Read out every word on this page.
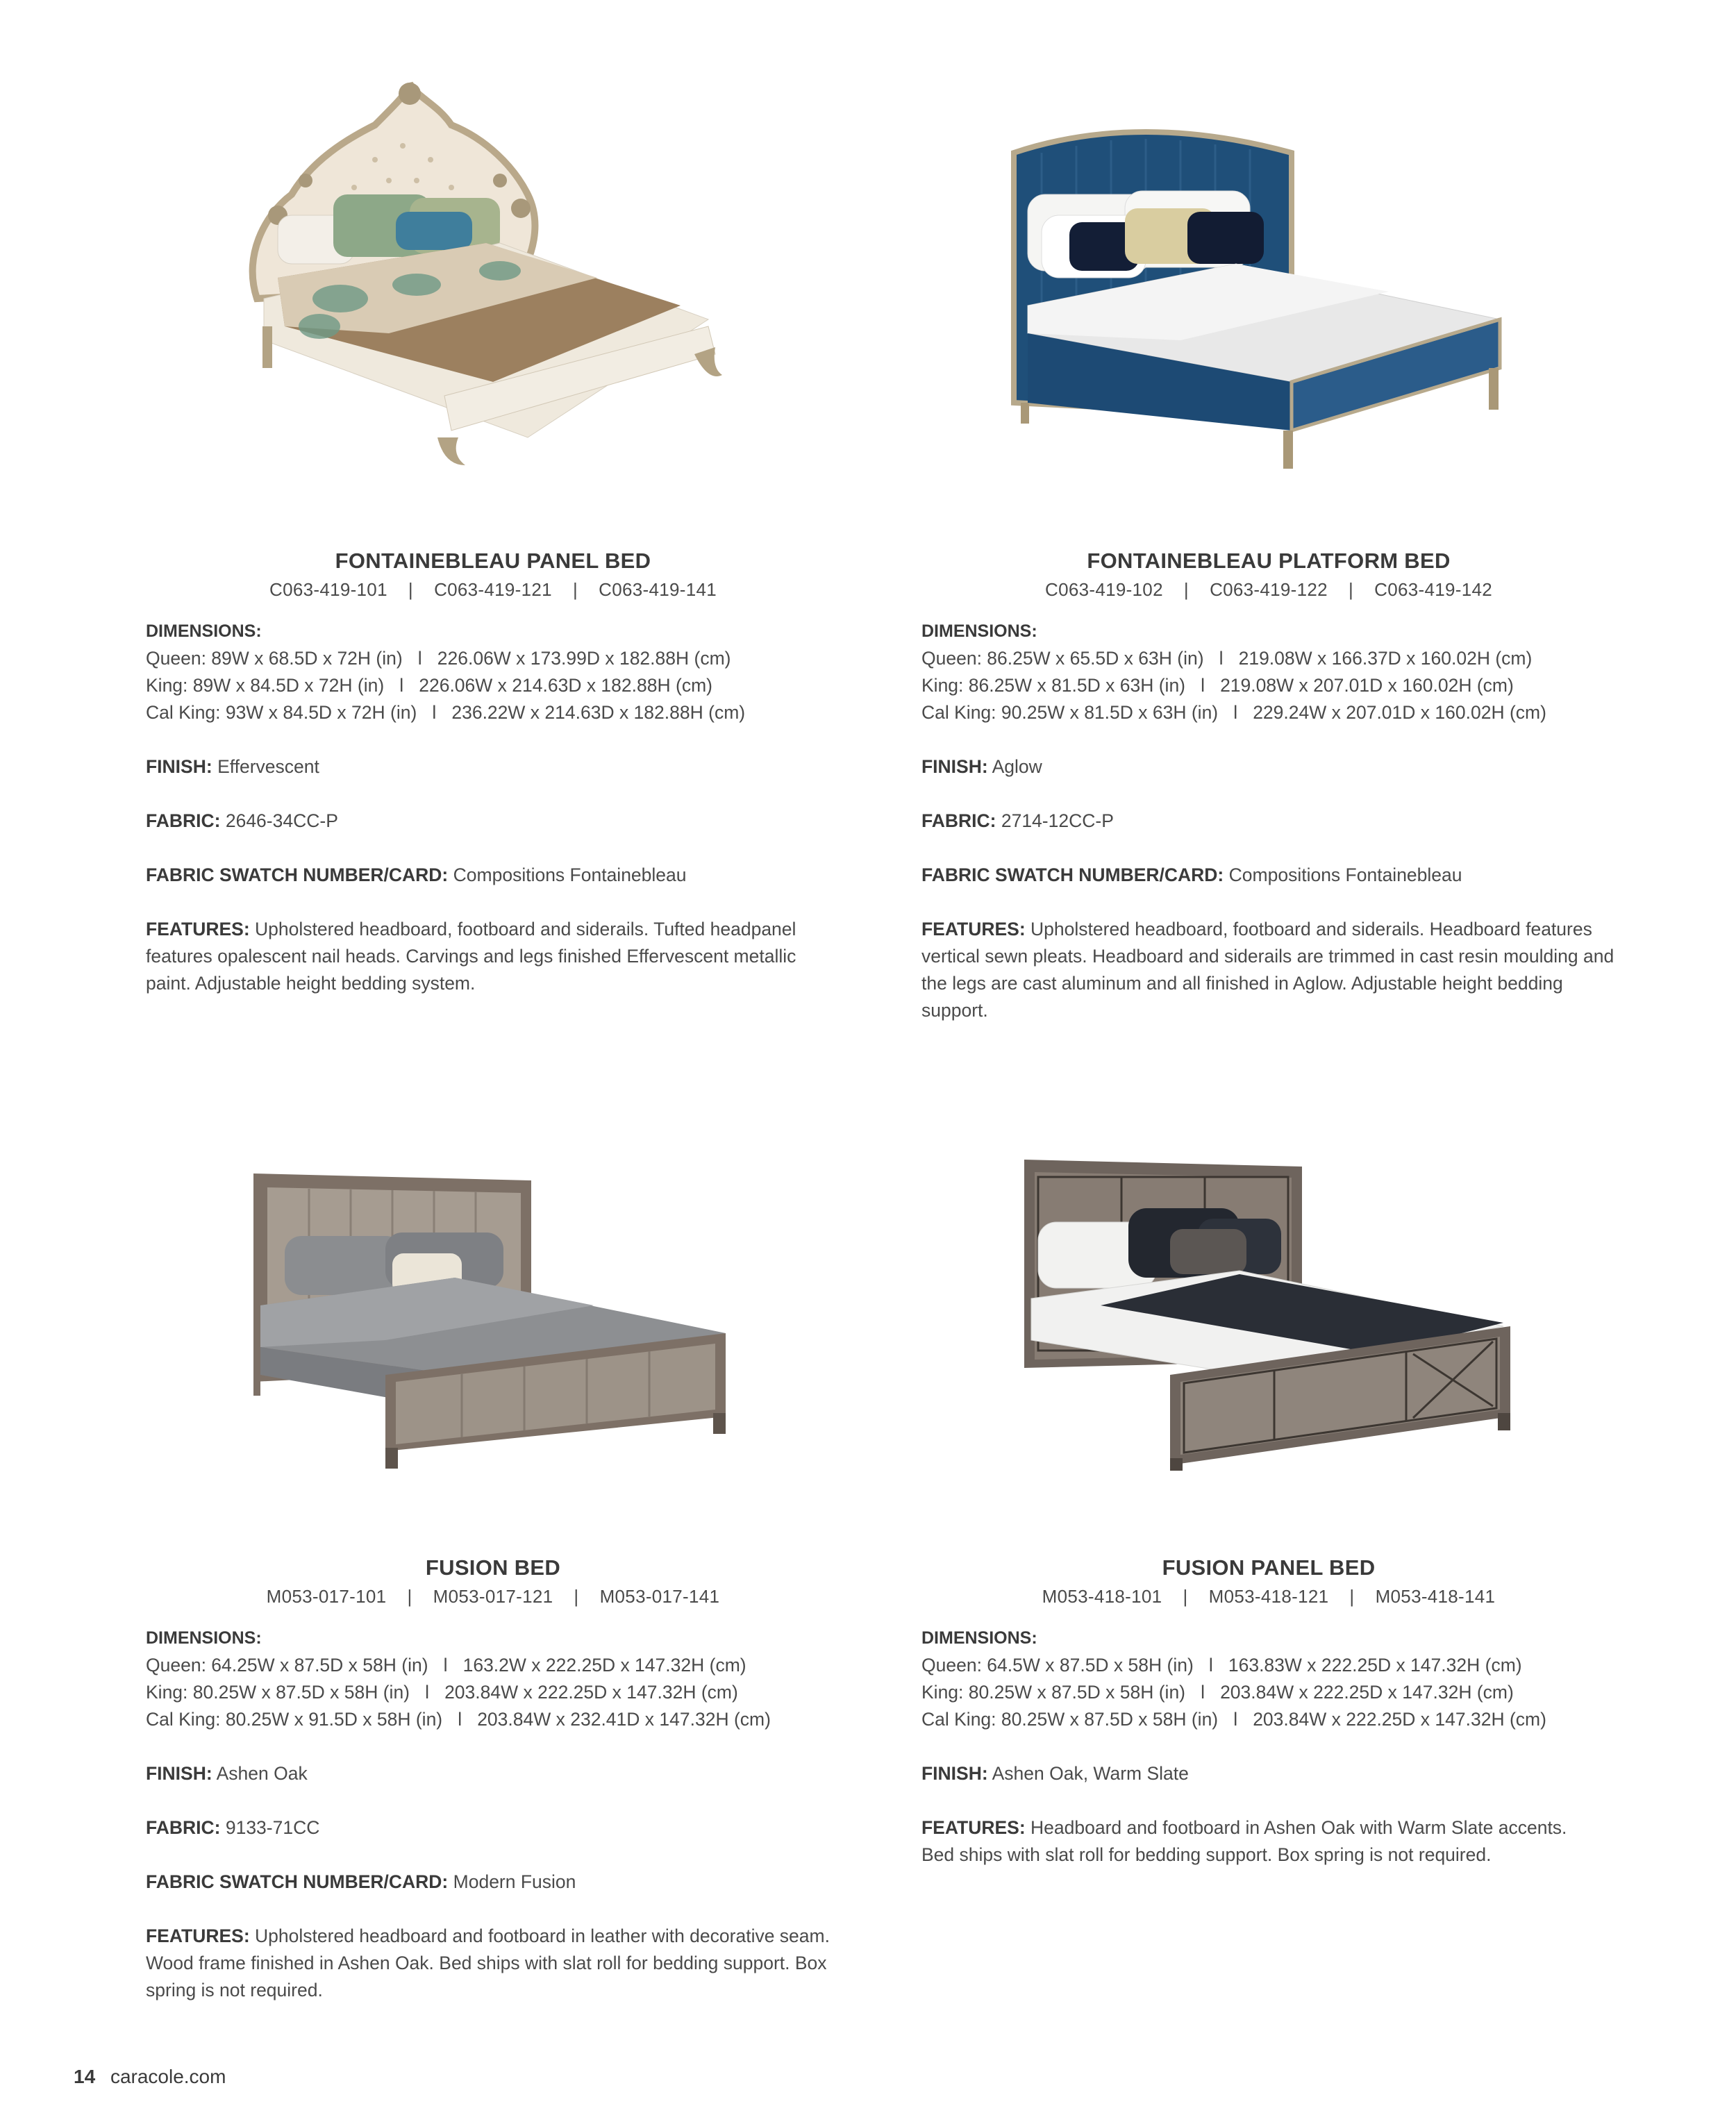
FONTAINEBLEAU PANEL BED
C063-419-101    |    C063-419-121    |    C063-419-141
DIMENSIONS:
Queen: 89W x 68.5D x 72H (in)   l   226.06W x 173.99D x 182.88H (cm)
King: 89W x 84.5D x 72H (in)   l   226.06W x 214.63D x 182.88H (cm)
Cal King: 93W x 84.5D x 72H (in)   l   236.22W x 214.63D x 182.88H (cm)
FINISH: Effervescent
FABRIC: 2646-34CC-P
FABRIC SWATCH NUMBER/CARD: Compositions Fontainebleau
FEATURES: Upholstered headboard, footboard and siderails. Tufted headpanel features opalescent nail heads. Carvings and legs finished Effervescent metallic paint. Adjustable height bedding system.
FONTAINEBLEAU PLATFORM BED
C063-419-102    |    C063-419-122    |    C063-419-142
DIMENSIONS:
Queen: 86.25W x 65.5D x 63H (in)   l   219.08W x 166.37D x 160.02H (cm)
King: 86.25W x 81.5D x 63H (in)   l   219.08W x 207.01D x 160.02H (cm)
Cal King: 90.25W x 81.5D x 63H (in)   l   229.24W x 207.01D x 160.02H (cm)
FINISH: Aglow
FABRIC: 2714-12CC-P
FABRIC SWATCH NUMBER/CARD: Compositions Fontainebleau
FEATURES: Upholstered headboard, footboard and siderails. Headboard features vertical sewn pleats. Headboard and siderails are trimmed in cast resin moulding and the legs are cast aluminum and all finished in Aglow. Adjustable height bedding support.
FUSION BED
M053-017-101    |    M053-017-121    |    M053-017-141
DIMENSIONS:
Queen: 64.25W x 87.5D x 58H (in)   l   163.2W x 222.25D x 147.32H (cm)
King: 80.25W x 87.5D x 58H (in)   l   203.84W x 222.25D x 147.32H (cm)
Cal King: 80.25W x 91.5D x 58H (in)   l   203.84W x 232.41D x 147.32H (cm)
FINISH: Ashen Oak
FABRIC: 9133-71CC
FABRIC SWATCH NUMBER/CARD: Modern Fusion
FEATURES: Upholstered headboard and footboard in leather with decorative seam. Wood frame finished in Ashen Oak. Bed ships with slat roll for bedding support. Box spring is not required.
FUSION PANEL BED
M053-418-101    |    M053-418-121    |    M053-418-141
DIMENSIONS:
Queen: 64.5W x 87.5D x 58H (in)   l   163.83W x 222.25D x 147.32H (cm)
King: 80.25W x 87.5D x 58H (in)   l   203.84W x 222.25D x 147.32H (cm)
Cal King: 80.25W x 87.5D x 58H (in)   l   203.84W x 222.25D x 147.32H (cm)
FINISH: Ashen Oak, Warm Slate
FEATURES: Headboard and footboard in Ashen Oak with Warm Slate accents. Bed ships with slat roll for bedding support. Box spring is not required.
14 caracole.com
